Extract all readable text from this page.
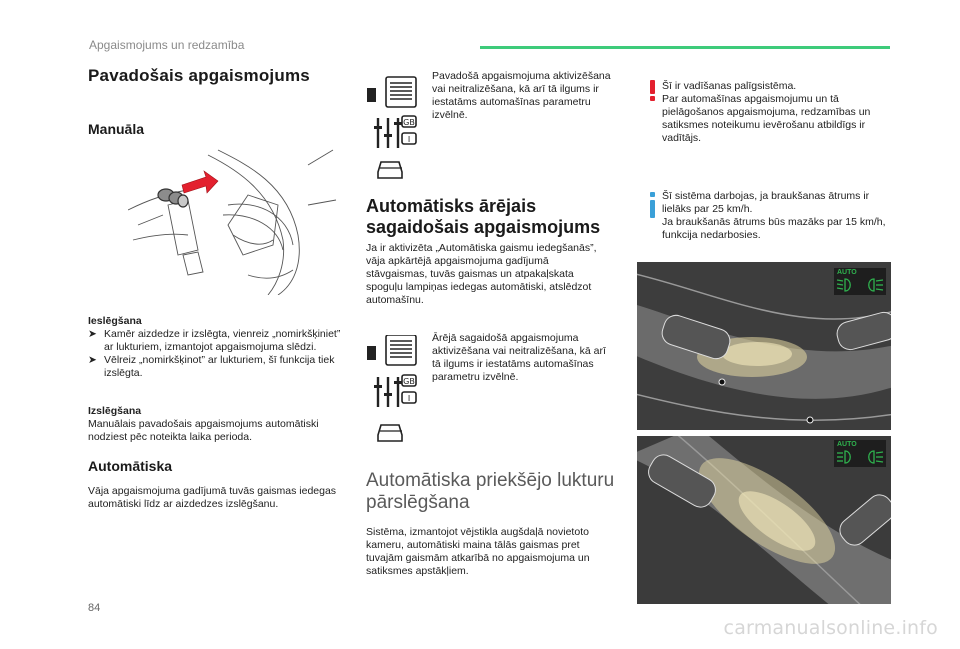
Apgaismojums un redzamība
Pavadošais apgaismojums
Manuāla
Ieslēgšana
➤︎ Kamēr aizdedze ir izslēgta, vienreiz „nomirkšķiniet” ar lukturiem, izmantojot apgaismojuma slēdzi.
➤︎ Vēlreiz „nomirkšķinot” ar lukturiem, šī funkcija tiek izslēgta.
Izslēgšana
Manuālais pavadošais apgaismojums automātiski nodziest pēc noteikta laika perioda.
Automātiska
Vāja apgaismojuma gadījumā tuvās gaismas iedegas automātiski līdz ar aizdedzes izslēgšanu.
GB
I
Pavadošā apgaismojuma aktivizēšana vai neitralizēšana, kā arī tā ilgums ir iestatāms automašīnas parametru izvēlnē.
Automātisks ārējais sagaidošais apgaismojums
Ja ir aktivizēta „Automātiska gaismu iedegšanās”, vāja apkārtējā apgaismojuma gadījumā stāvgaismas, tuvās gaismas un atpakaļskata spoguļu lampiņas iedegas automātiski, atslēdzot automašīnu.
GB
I
Ārējā sagaidošā apgaismojuma aktivizēšana vai neitralizēšana, kā arī tā ilgums ir iestatāms automašīnas parametru izvēlnē.
Automātiska priekšējo lukturu pārslēgšana
Sistēma, izmantojot vējstikla augšdaļā novietoto kameru, automātiski maina tālās gaismas pret tuvajām gaismām atkarībā no apgaismojuma un satiksmes apstākļiem.
Šī ir vadīšanas palīgsistēma.
Par automašīnas apgaismojumu un tā pielāgošanos apgaismojuma, redzamības un satiksmes noteikumu ievērošanu atbildīgs ir vadītājs.
Šī sistēma darbojas, ja braukšanas ātrums ir lielāks par 25 km/h.
Ja braukšanās ātrums būs mazāks par 15 km/h, funkcija nedarbosies.
AUTO
AUTO
84
carmanualsonline.info
